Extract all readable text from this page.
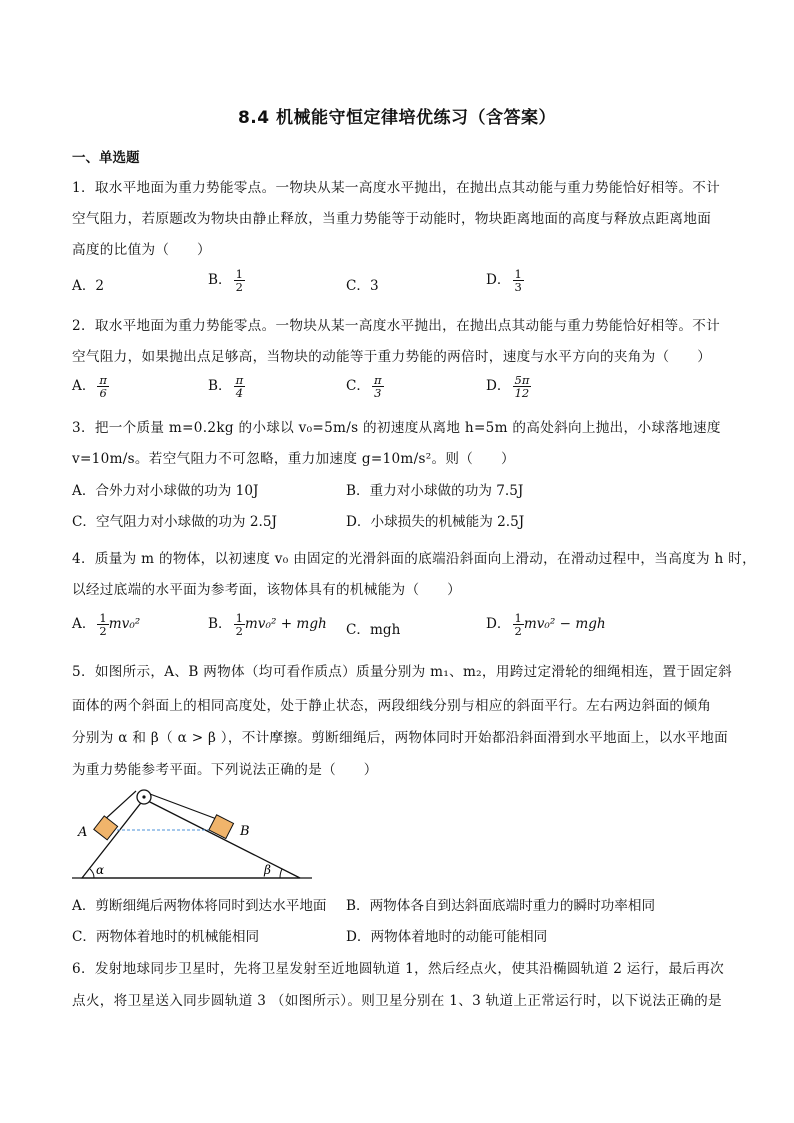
8.4 机械能守恒定律培优练习（含答案）
一、单选题
1．取水平地面为重力势能零点。一物块从某一高度水平抛出，在抛出点其动能与重力势能恰好相等。不计
空气阻力，若原题改为物块由静止释放，当重力势能等于动能时，物块距离地面的高度与释放点距离地面
高度的比值为（　　）
A．2	B． $\frac{1}{2}$	C．3	D． $\frac{1}{3}$
2．取水平地面为重力势能零点。一物块从某一高度水平抛出，在抛出点其动能与重力势能恰好相等。不计
空气阻力，如果抛出点足够高，当物块的动能等于重力势能的两倍时，速度与水平方向的夹角为（　　）
A． $\frac{\pi}{6}$	B． $\frac{\pi}{4}$	C． $\frac{\pi}{3}$	D． $\frac{5\pi}{12}$
3．把一个质量 m=0.2kg 的小球以 v₀=5m/s 的初速度从离地 h=5m 的高处斜向上抛出，小球落地速度
v=10m/s。若空气阻力不可忽略，重力加速度 g=10m/s²。则（　　）
A．合外力对小球做的功为 10J	B．重力对小球做的功为 7.5J
C．空气阻力对小球做的功为 2.5J	D．小球损失的机械能为 2.5J
4．质量为 m 的物体，以初速度 v₀ 由固定的光滑斜面的底端沿斜面向上滑动，在滑动过程中，当高度为 h 时，
以经过底端的水平面为参考面，该物体具有的机械能为（　　）
A． $\frac{1}{2} mv_0^2$	B． $\frac{1}{2} mv_0^2$ + mgh C．mgh	D． $\frac{1}{2} mv_0^2$ − mgh
5．如图所示，A、B 两物体（均可看作质点）质量分别为 m₁、m₂，用跨过定滑轮的细绳相连，置于固定斜
面体的两个斜面上的相同高度处，处于静止状态，两段细线分别与相应的斜面平行。左右两边斜面的倾角
分别为 α 和 β（ α > β ），不计摩擦。剪断细绳后，两物体同时开始都沿斜面滑到水平地面上，以水平地面
为重力势能参考平面。下列说法正确的是（　　）
A	B
α	β
A．剪断细绳后两物体将同时到达水平地面 B．两物体各自到达斜面底端时重力的瞬时功率相同
C．两物体着地时的机械能相同	D．两物体着地时的动能可能相同
6．发射地球同步卫星时，先将卫星发射至近地圆轨道 1，然后经点火，使其沿椭圆轨道 2 运行，最后再次
点火，将卫星送入同步圆轨道 3 （如图所示）。则卫星分别在 1、3 轨道上正常运行时，以下说法正确的是
